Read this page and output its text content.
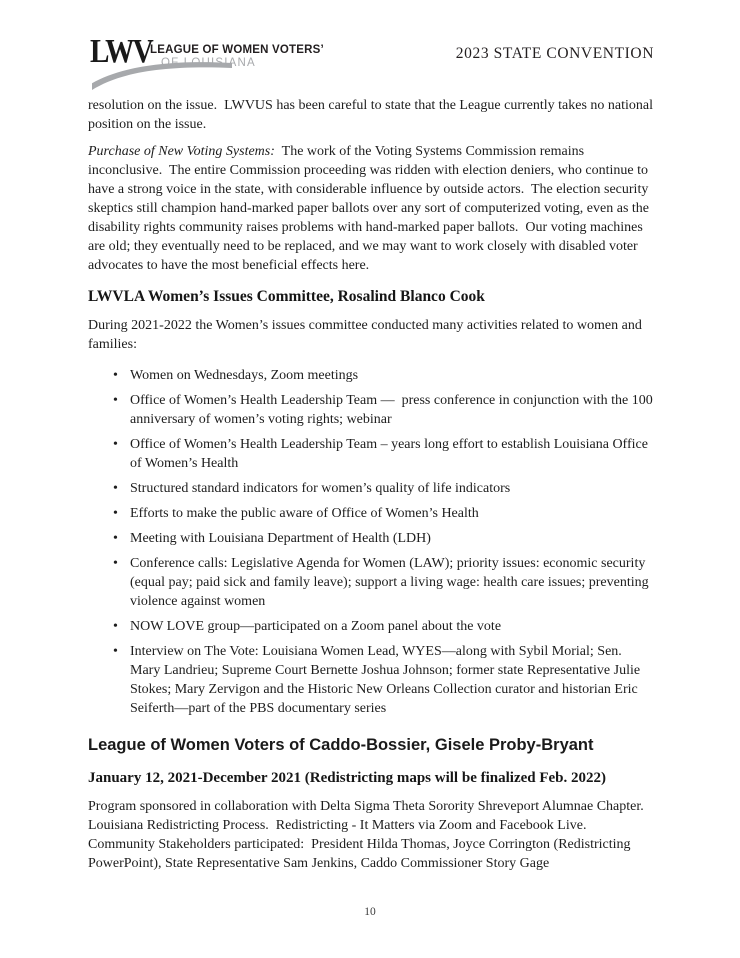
LWV
LEAGUE OF WOMEN VOTERS’
OF LOUISIANA
2023 STATE CONVENTION

resolution on the issue.  LWVUS has been careful to state that the League currently takes no national position on the issue.

Purchase of New Voting Systems:  The work of the Voting Systems Commission remains inconclusive.  The entire Commission proceeding was ridden with election deniers, who continue to have a strong voice in the state, with considerable influence by outside actors.  The election security skeptics still champion hand-marked paper ballots over any sort of computerized voting, even as the disability rights community raises problems with hand-marked paper ballots.  Our voting machines are old; they eventually need to be replaced, and we may want to work closely with disabled voter advocates to have the most beneficial effects here.

LWVLA Women’s Issues Committee, Rosalind Blanco Cook

During 2021-2022 the Women’s issues committee conducted many activities related to women and families:

• Women on Wednesdays, Zoom meetings
• Office of Women’s Health Leadership Team —  press conference in conjunction with the 100 anniversary of women’s voting rights; webinar
• Office of Women’s Health Leadership Team – years long effort to establish Louisiana Office of Women’s Health
• Structured standard indicators for women’s quality of life indicators
• Efforts to make the public aware of Office of Women’s Health
• Meeting with Louisiana Department of Health (LDH)
• Conference calls: Legislative Agenda for Women (LAW); priority issues: economic security (equal pay; paid sick and family leave); support a living wage: health care issues; preventing violence against women
• NOW LOVE group—participated on a Zoom panel about the vote
• Interview on The Vote: Louisiana Women Lead, WYES—along with Sybil Morial; Sen. Mary Landrieu; Supreme Court Bernette Joshua Johnson; former state Representative Julie Stokes; Mary Zervigon and the Historic New Orleans Collection curator and historian Eric Seiferth—part of the PBS documentary series
League of Women Voters of Caddo-Bossier, Gisele Proby-Bryant
January 12, 2021-December 2021 (Redistricting maps will be finalized Feb. 2022)

Program sponsored in collaboration with Delta Sigma Theta Sorority Shreveport Alumnae Chapter.  Louisiana Redistricting Process.  Redistricting - It Matters via Zoom and Facebook Live.  Community Stakeholders participated:  President Hilda Thomas, Joyce Corrington (Redistricting PowerPoint), State Representative Sam Jenkins, Caddo Commissioner Story Gage

10
